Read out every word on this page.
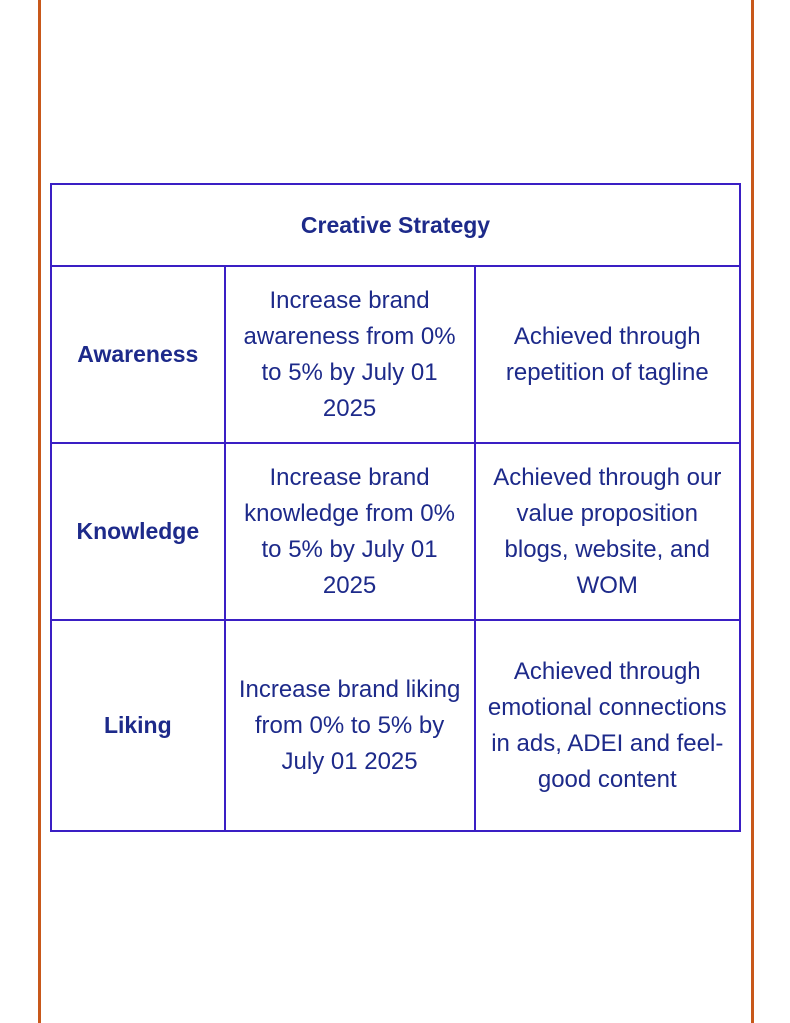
Creative Strategy		
Awareness	Increase brand awareness from 0% to 5% by July 01 2025	Achieved through repetition of tagline
Knowledge	Increase brand knowledge from 0% to 5% by July 01 2025	Achieved through our value proposition blogs, website, and WOM
Liking	Increase brand liking from 0% to 5% by July 01 2025	Achieved through emotional connections in ads, ADEI and feel-good content
